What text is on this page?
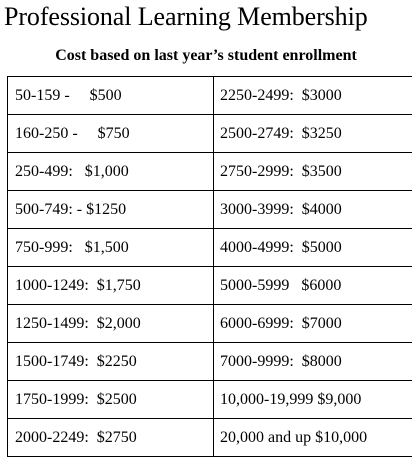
Professional Learning Membership
Cost based on last year’s student enrollment
50-159 -     $500	2250-2499:  $3000
160-250 -     $750	2500-2749:  $3250
250-499:   $1,000	2750-2999:  $3500
500-749: - $1250	3000-3999:  $4000
750-999:   $1,500	4000-4999:  $5000
1000-1249:  $1,750	5000-5999   $6000
1250-1499:  $2,000	6000-6999:  $7000
1500-1749:  $2250	7000-9999:  $8000
1750-1999:  $2500	10,000-19,999 $9,000
2000-2249:  $2750	20,000 and up $10,000
